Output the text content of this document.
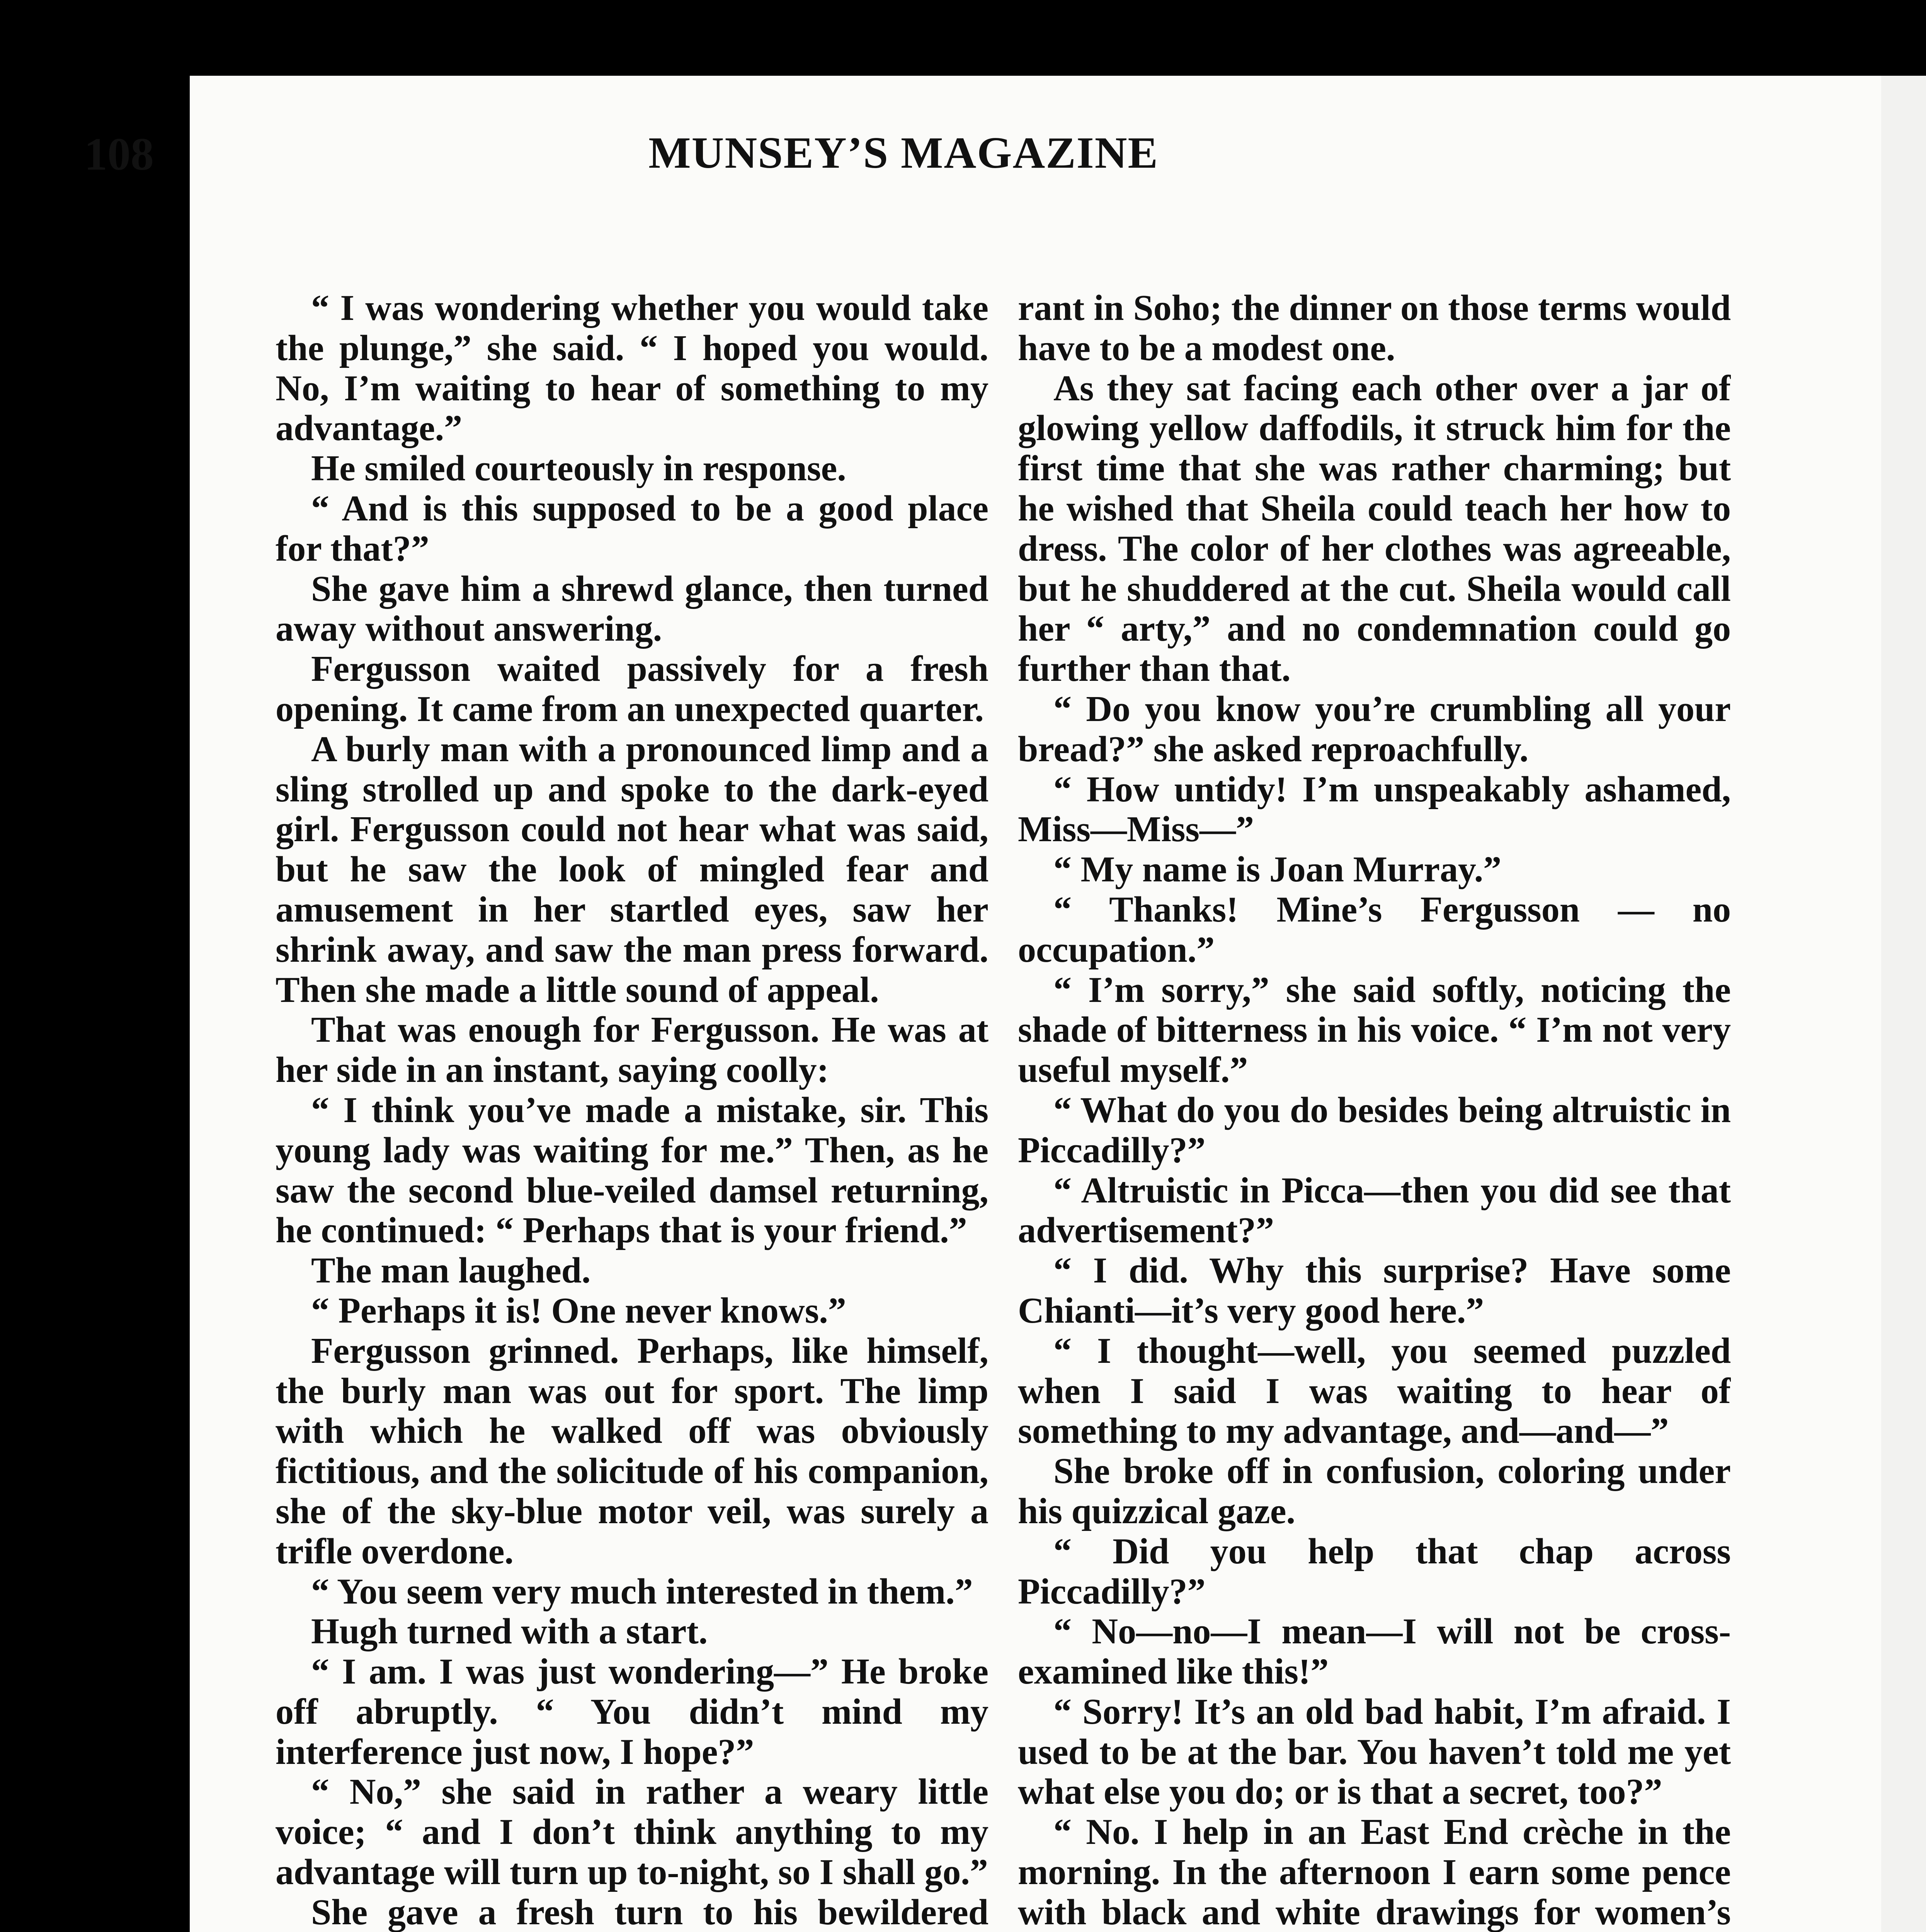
108	MUNSEY’S MAGAZINE

“ I was wondering whether you would take the plunge,” she said. “ I hoped you would. No, I’m waiting to hear of something to my advantage.”

He smiled courteously in response.

“ And is this supposed to be a good place for that?”

She gave him a shrewd glance, then turned away without answering.

Fergusson waited passively for a fresh opening. It came from an unexpected quarter.

A burly man with a pronounced limp and a sling strolled up and spoke to the dark-eyed girl. Fergusson could not hear what was said, but he saw the look of mingled fear and amusement in her startled eyes, saw her shrink away, and saw the man press forward. Then she made a little sound of appeal.

That was enough for Fergusson. He was at her side in an instant, saying coolly:

“ I think you’ve made a mistake, sir. This young lady was waiting for me.” Then, as he saw the second blue-veiled damsel returning, he continued: “ Perhaps that is your friend.”

The man laughed.

“ Perhaps it is! One never knows.”

Fergusson grinned. Perhaps, like himself, the burly man was out for sport. The limp with which he walked off was obviously fictitious, and the solicitude of his companion, she of the sky-blue motor veil, was surely a trifle overdone.

“ You seem very much interested in them.”

Hugh turned with a start.

“ I am. I was just wondering—” He broke off abruptly. “ You didn’t mind my interference just now, I hope?”

“ No,” she said in rather a weary little voice; “ and I don’t think anything to my advantage will turn up to-night, so I shall go.”

She gave a fresh turn to his bewildered

rant in Soho; the dinner on those terms would have to be a modest one.

As they sat facing each other over a jar of glowing yellow daffodils, it struck him for the first time that she was rather charming; but he wished that Sheila could teach her how to dress. The color of her clothes was agreeable, but he shuddered at the cut. Sheila would call her “ arty,” and no condemnation could go further than that.

“ Do you know you’re crumbling all your bread?” she asked reproachfully.

“ How untidy! I’m unspeakably ashamed, Miss—Miss—”

“ My name is Joan Murray.”

“ Thanks! Mine’s Fergusson — no occupation.”

“ I’m sorry,” she said softly, noticing the shade of bitterness in his voice. “ I’m not very useful myself.”

“ What do you do besides being altruistic in Piccadilly?”

“ Altruistic in Picca—then you did see that advertisement?”

“ I did. Why this surprise? Have some Chianti—it’s very good here.”

“ I thought—well, you seemed puzzled when I said I was waiting to hear of something to my advantage, and—and—”

She broke off in confusion, coloring under his quizzical gaze.

“ Did you help that chap across Piccadilly?”

“ No—no—I mean—I will not be cross-examined like this!”

“ Sorry! It’s an old bad habit, I’m afraid. I used to be at the bar. You haven’t told me yet what else you do; or is that a secret, too?”

“ No. I help in an East End crèche in the morning. In the afternoon I earn some pence with black and white drawings for women’s
